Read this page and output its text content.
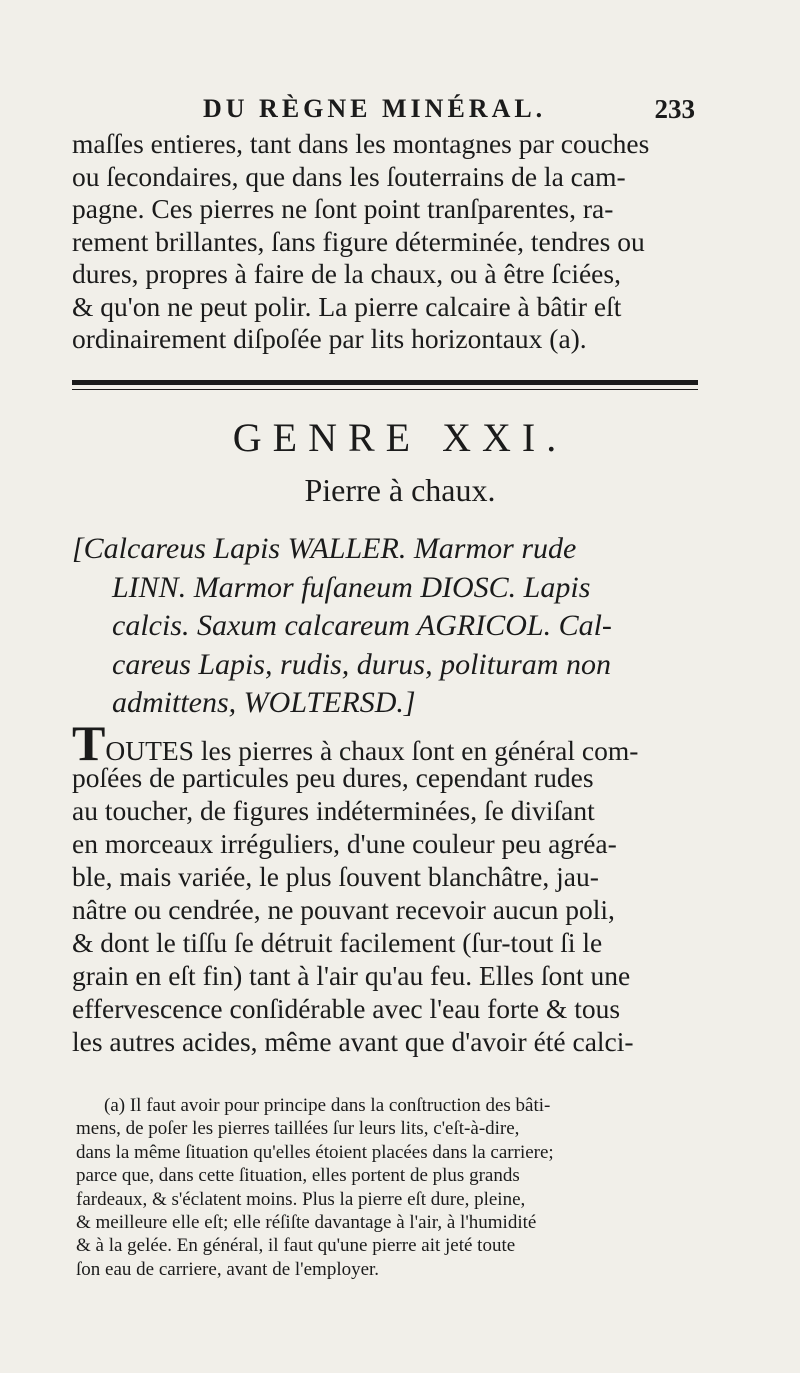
DU RÈGNE MINÉRAL.	233
maſſes entieres, tant dans les montagnes par couches
ou ſecondaires, que dans les ſouterrains de la cam-
pagne. Ces pierres ne ſont point tranſparentes, ra-
rement brillantes, ſans figure déterminée, tendres ou
dures, propres à faire de la chaux, ou à être ſciées,
& qu'on ne peut polir. La pierre calcaire à bâtir eſt
ordinairement diſpoſée par lits horizontaux (a).
GENRE XXI.
Pierre à chaux.
[Calcareus Lapis WALLER. Marmor rude
LINN. Marmor fuſaneum DIOSC. Lapis
calcis. Saxum calcareum AGRICOL. Cal-
careus Lapis, rudis, durus, polituram non
admittens, WOLTERSD.]
TOUTES les pierres à chaux ſont en général com-
poſées de particules peu dures, cependant rudes
au toucher, de figures indéterminées, ſe diviſant
en morceaux irréguliers, d'une couleur peu agréa-
ble, mais variée, le plus ſouvent blanchâtre, jau-
nâtre ou cendrée, ne pouvant recevoir aucun poli,
& dont le tiſſu ſe détruit facilement (ſur-tout ſi le
grain en eſt fin) tant à l'air qu'au feu. Elles ſont une
effervescence conſidérable avec l'eau forte & tous
les autres acides, même avant que d'avoir été calci-
(a) Il faut avoir pour principe dans la conſtruction des bâti-
mens, de poſer les pierres taillées ſur leurs lits, c'eſt-à-dire,
dans la même ſituation qu'elles étoient placées dans la carriere;
parce que, dans cette ſituation, elles portent de plus grands
fardeaux, & s'éclatent moins. Plus la pierre eſt dure, pleine,
& meilleure elle eſt; elle réſiſte davantage à l'air, à l'humidité
& à la gelée. En général, il faut qu'une pierre ait jeté toute
ſon eau de carriere, avant de l'employer.
